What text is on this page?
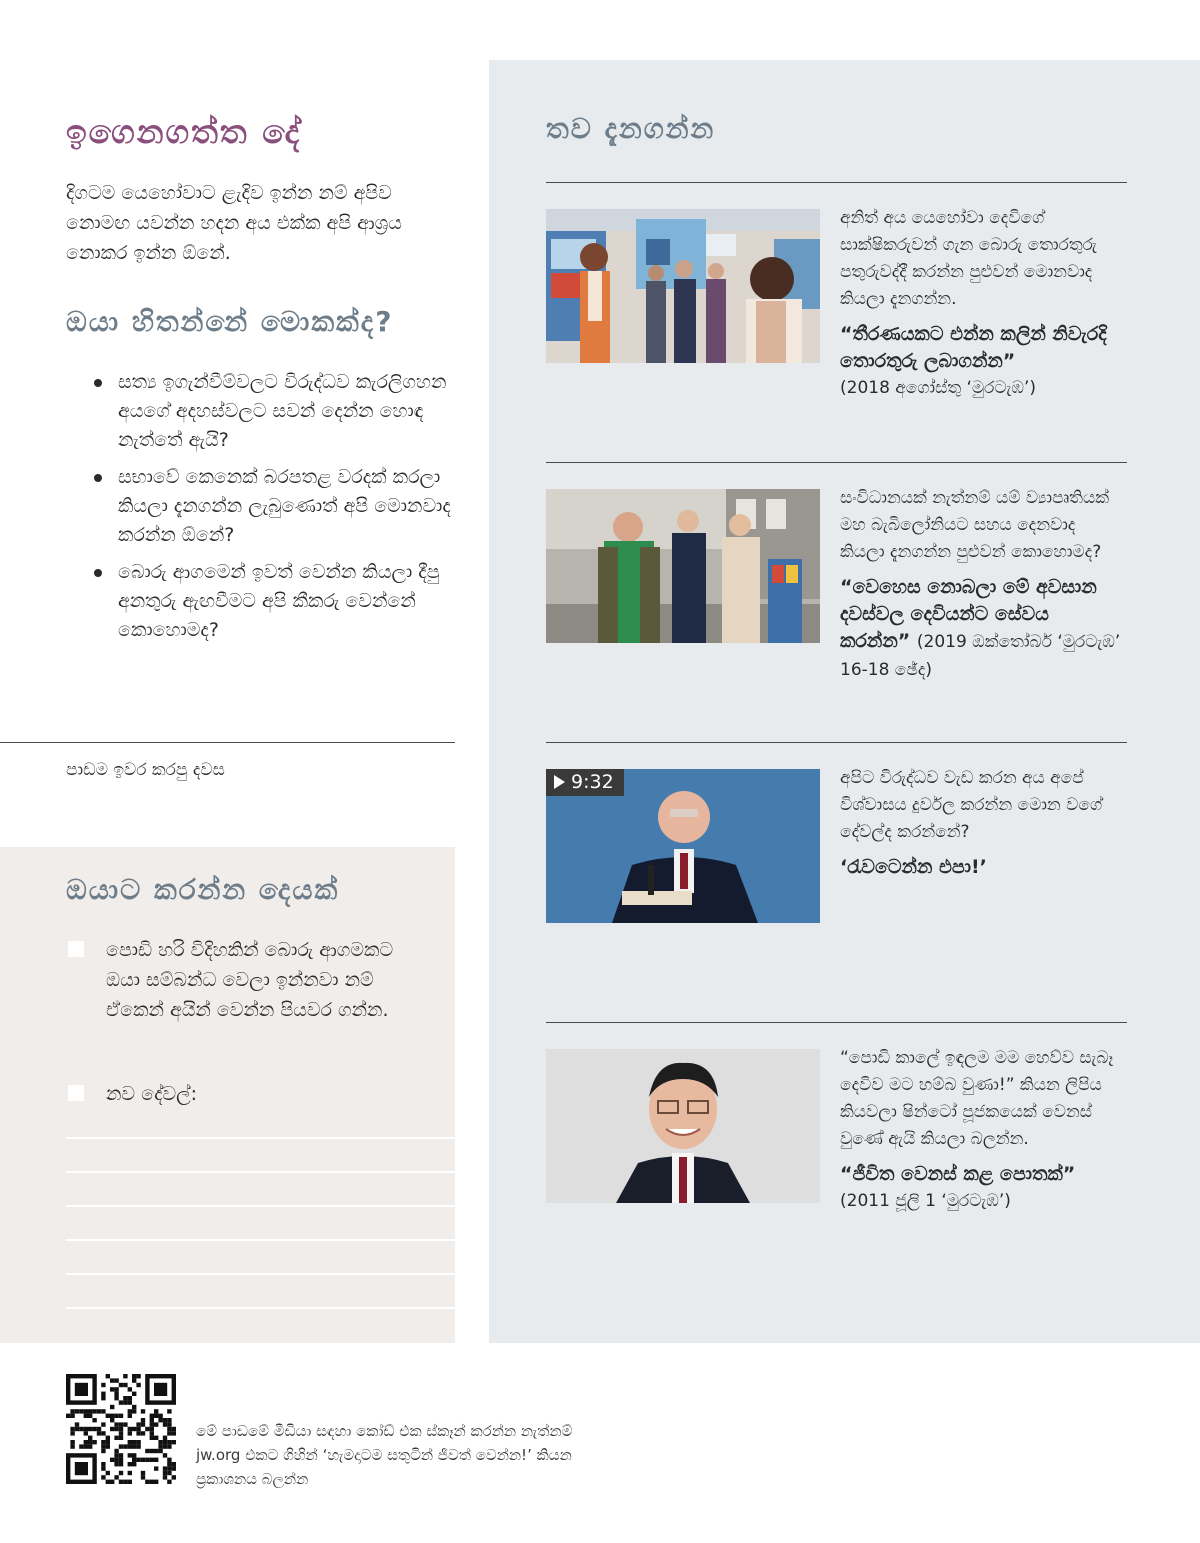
ඉගෙනගත්ත දේ
දිගටම යෙහෝවාට ළැදිව ඉන්න නම් අපිව නොමඟ යවන්න හදන අය එක්ක අපි ආශ්‍රය නොකර ඉන්න ඕනේ.
ඔයා හිතන්නේ මොකක්ද?
සත්‍ය ඉගැන්වීම්වලට විරුද්ධව කැරලිගහන අයගේ අදහස්වලට සවන් දෙන්න හොඳ නැත්තේ ඇයි?
සභාවේ කෙනෙක් බරපතළ වරදක් කරලා කියලා දැනගන්න ලැබුණොත් අපි මොනවාද කරන්න ඕනේ?
බොරු ආගමෙන් ඉවත් වෙන්න කියලා දීපු අනතුරු ඇඟවීමට අපි කීකරු වෙන්නේ කොහොමද?
පාඩම ඉවර කරපු දවස
ඔයාට කරන්න දෙයක්
පොඩි හරි විදිහකින් බොරු ආගමකට ඔයා සම්බන්ධ වෙලා ඉන්නවා නම් ඒකෙන් අයින් වෙන්න පියවර ගන්න.
නව දේවල්:
තව දැනගන්න
අනිත් අය යෙහෝවා දෙවිගේ සාක්ෂිකරුවන් ගැන බොරු තොරතුරු පතුරුවද්දී කරන්න පුළුවන් මොනවාද කියලා දැනගන්න.
“තීරණයකට එන්න කලින් නිවැරදි තොරතුරු ලබාගන්න”
(2018 අගෝස්තු ‘මුරටැඹ’)
සංවිධානයක් නැත්නම් යම් ව්‍යාපෘතියක් මහ බැබිලෝනියට සහය දෙනවාද කියලා දැනගන්න පුළුවන් කොහොමද?
“වෙහෙස නොබලා මේ අවසාන දවස්වල දෙවියන්ට සේවය කරන්න” (2019 ඔක්තෝබර් ‘මුරටැඹ’ 16-18 ඡේද)
9:32	අපිට විරුද්ධව වැඩ කරන අය අපේ විශ්වාසය දුර්වල කරන්න මොන වගේ දේවල්ද කරන්නේ?
‘රැවටෙන්න එපා!’
“පොඩි කාලේ ඉඳලම මම හෙව්ව සැබෑ දෙවිව මට හම්බ වුණා!” කියන ලිපිය කියවලා ෂින්ටෝ පූජකයෙක් වෙනස් වුණේ ඇයි කියලා බලන්න.
“ජීවිත වෙනස් කළ පොතක්”
(2011 ජූලි 1 ‘මුරටැඹ’)
මේ පාඩමේ මීඩියා සඳහා කෝඩ් එක ස්කෑන් කරන්න නැත්නම් jw.org එකට ගිහින් ‘හැමදාටම සතුටින් ජීවත් වෙන්න!’ කියන ප්‍රකාශනය බලන්න
